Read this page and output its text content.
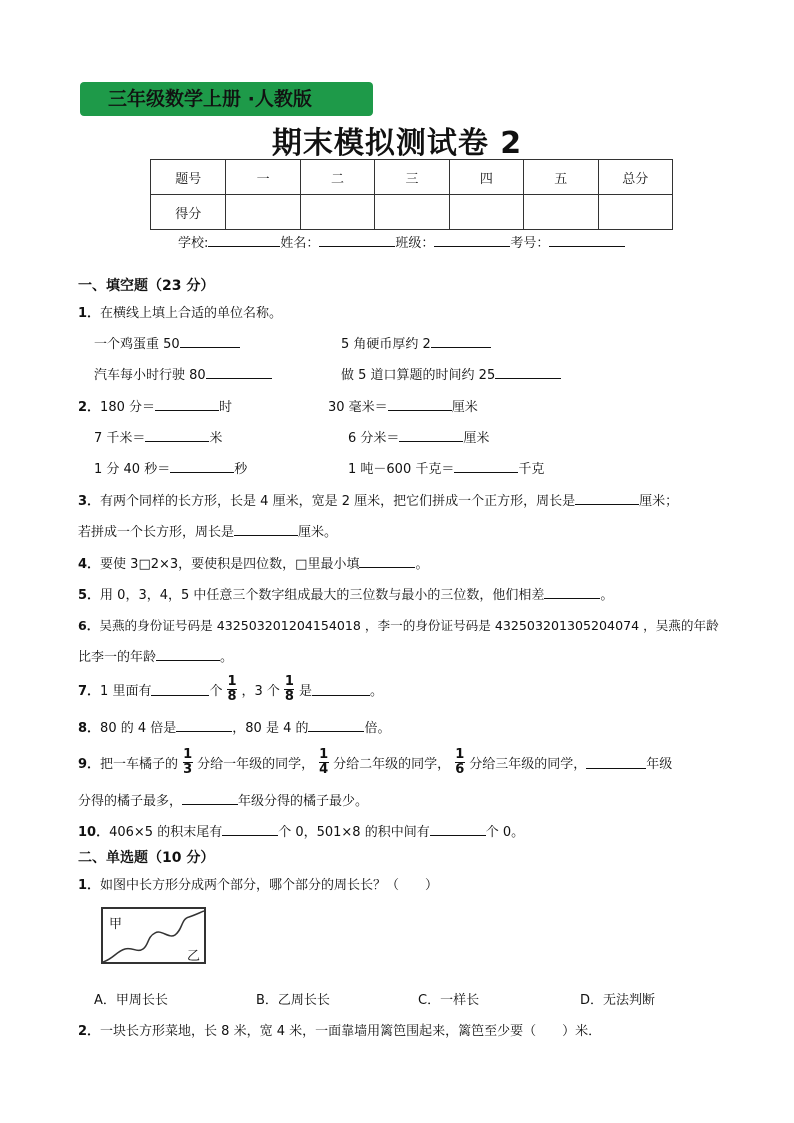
三年级数学上册 ·人教版
期末模拟测试卷 2
题号	一	二	三	四	五	总分
得分						
学校:	姓名：	班级：	考号：
一、填空题（23 分）
1．在横线上填上合适的单位名称。
一个鸡蛋重 50	5 角硬币厚约 2
汽车每小时行驶 80	做 5 道口算题的时间约 25
2．180 分＝	时	30 毫米＝	厘米
7 千米＝	米	6 分米＝	厘米
1 分 40 秒＝	秒	1 吨－600 千克＝	千克
3．有两个同样的长方形，长是 4 厘米，宽是 2 厘米，把它们拼成一个正方形，周长是	厘米；
若拼成一个长方形，周长是	厘米。
4．要使 3□2×3，要使积是四位数，□里最小填	。
5．用 0，3，4，5 中任意三个数字组成最大的三位数与最小的三位数，他们相差	。
6．吴燕的身份证号码是 432503201204154018 ，李一的身份证号码是 432503201305204074 ，吴燕的年龄
比李一的年龄	。
7． 1 里面有	个 $\frac{1}{8}$ ，3 个 $\frac{1}{8}$ 是	。
8．80 的 4 倍是	，80 是 4 的	倍。
9． 把一车橘子的 $\frac{1}{3}$ 分给一年级的同学， $\frac{1}{4}$ 分给二年级的同学， $\frac{1}{6}$ 分给三年级的同学，	年级
分得的橘子最多，	年级分得的橘子最少。
10．406×5 的积末尾有	个 0，501×8 的积中间有	个 0。
二、单选题（10 分）
1．如图中长方形分成两个部分，哪个部分的周长长？（　　）
甲
乙
A．甲周长长	B．乙周长长	C．一样长	D．无法判断
2．一块长方形菜地，长 8 米，宽 4 米，一面靠墙用篱笆围起来，篱笆至少要（　　）米．
